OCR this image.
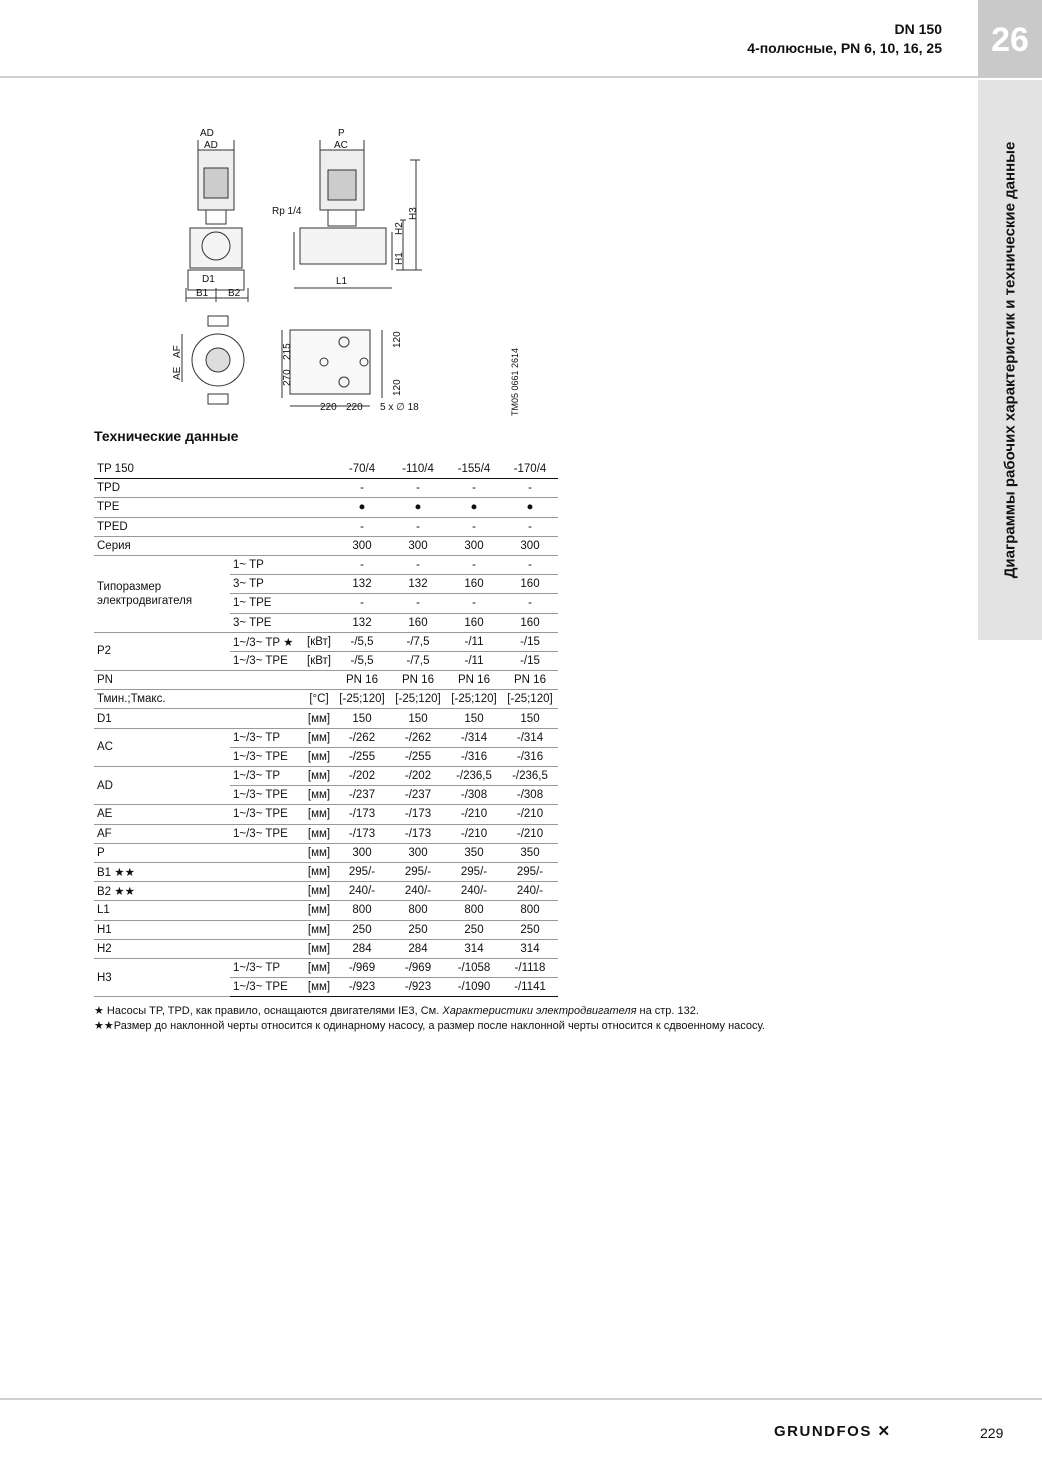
DN 150
4-полюсные, PN 6, 10, 16, 25	26
Диаграммы рабочих характеристик и технические данные
AD
AD
P
AC
Rp 1/4
D1
B1 B2
L1
H1
H2
H3
AE
AF
270
215
120
120
220 220 5 x ∅ 18	TM05 0661 2614
Технические данные
TP 150			-70/4	-110/4	-155/4	-170/4
TPD			-	-	-	-
TPE			●	●	●	●
TPED			-	-	-	-
Серия			300	300	300	300
Типоразмер электродвигателя	1~ TP		-	-	-	-
	3~ TP		132	132	160	160
	1~ TPE		-	-	-	-
	3~ TPE		132	160	160	160
P2	1~/3~ TP ★	[кВт]	-/5,5	-/7,5	-/11	-/15
	1~/3~ TPE	[кВт]	-/5,5	-/7,5	-/11	-/15
PN			PN 16	PN 16	PN 16	PN 16
Тмин.;Тмакс.		[°C]	[-25;120]	[-25;120]	[-25;120]	[-25;120]
D1		[мм]	150	150	150	150
AC	1~/3~ TP	[мм]	-/262	-/262	-/314	-/314
	1~/3~ TPE	[мм]	-/255	-/255	-/316	-/316
AD	1~/3~ TP	[мм]	-/202	-/202	-/236,5	-/236,5
	1~/3~ TPE	[мм]	-/237	-/237	-/308	-/308
AE	1~/3~ TPE	[мм]	-/173	-/173	-/210	-/210
AF	1~/3~ TPE	[мм]	-/173	-/173	-/210	-/210
P		[мм]	300	300	350	350
B1 ★★		[мм]	295/-	295/-	295/-	295/-
B2 ★★		[мм]	240/-	240/-	240/-	240/-
L1		[мм]	800	800	800	800
H1		[мм]	250	250	250	250
H2		[мм]	284	284	314	314
H3	1~/3~ TP	[мм]	-/969	-/969	-/1058	-/1118
	1~/3~ TPE	[мм]	-/923	-/923	-/1090	-/1141
★ Насосы TP, TPD, как правило, оснащаются двигателями IE3, См. Характеристики электродвигателя на стр. 132.
★★Размер до наклонной черты относится к одинарному насосу, а размер после наклонной черты относится к сдвоенному насосу.
GRUNDFOS ✕	229
